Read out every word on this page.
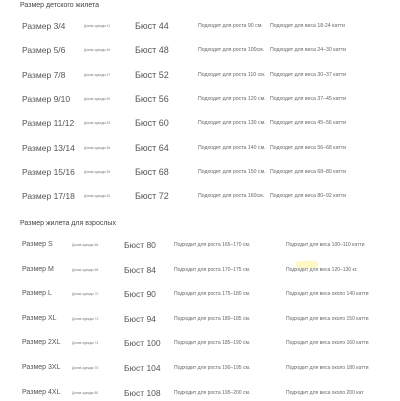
Размер детского жилета
Размер 3/4	Длина одежды 41	Бюст 44	Подходит для роста 90 см. Подходит для веса 18-24 катти
Размер 5/6	Длина одежды 46	Бюст 48	Подходит для роста 100см. Подходит для веса 24–30 катти
Размер 7/8	Длина одежды 47	Бюст 52	Подходит для роста 110 см. Подходит для веса 30–37 катти
Размер 9/10	Длина одежды 50	Бюст 56	Подходит для роста 120 см. Подходит для веса 37–45 катти
Размер 11/12	Длина одежды 53	Бюст 60	Подходит для роста 130 см. Подходит для веса 45–56 катти
Размер 13/14	Длина одежды 56	Бюст 64	Подходит для роста 140 см. Подходит для веса 56–68 катти
Размер 15/16	Длина одежды 59	Бюст 68	Подходит для роста 150 см. Подходит для веса 68–80 катти
Размер 17/18	Длина одежды 62	Бюст 72	Подходит для роста 160см. Подходит для веса 80–92 катти
Размер жилета для взрослых
Размер S	Длина одежды 66	Бюст 80	Подходит для роста 165–170 см.	Подходит для веса 100–110 катти
Размер M	Длина одежды 68	Бюст 84	Подходит для роста 170–175 см.	Подходит для веса 120–130 кг.
Размер L	Длина одежды 70	Бюст 90	Подходит для роста 175–180 см.	Подходит для веса около 140 катти
Размер XL	Длина одежды 72	Бюст 94	Подходит для роста 180–185 см.	Подходит для веса около 150 катти
Размер 2XL	Длина одежды 74	Бюст 100	Подходит для роста 185–190 см.	Подходит для веса около 160 катти
Размер 3XL	Длина одежды 76	Бюст 104	Подходит для роста 190–195 см.	Подходит для веса около 180 катти
Размер 4XL	Длина одежды 80	Бюст 108	Подходит для роста 195–200 см.	Подходит для веса около 200 кат
